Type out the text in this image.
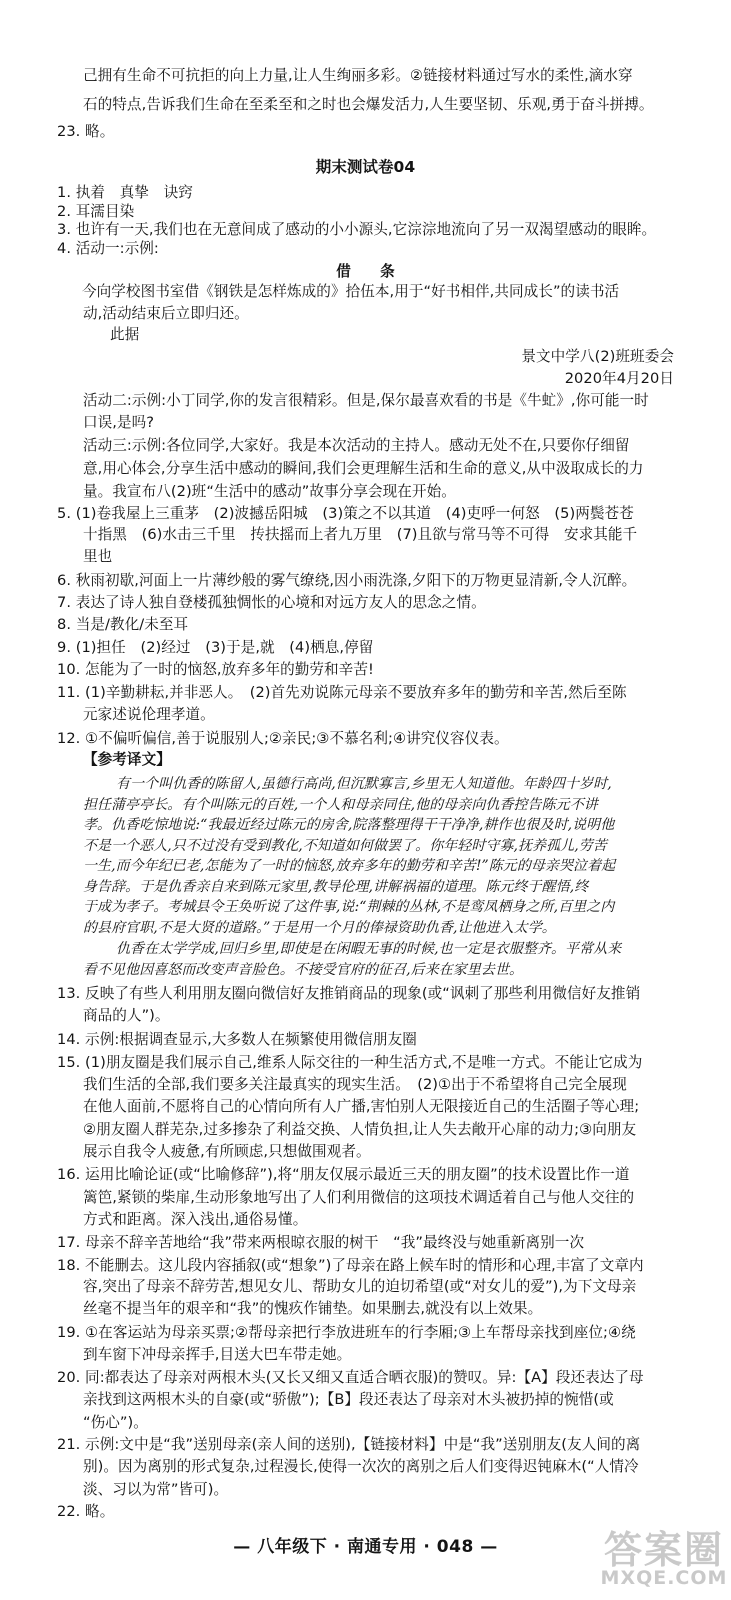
己拥有生命不可抗拒的向上力量,让人生绚丽多彩。②链接材料通过写水的柔性,滴水穿
石的特点,告诉我们生命在至柔至和之时也会爆发活力,人生要坚韧、乐观,勇于奋斗拼搏。
23. 略。
期末测试卷04
1. 执着　真挚　诀窍
2. 耳濡目染
3. 也许有一天,我们也在无意间成了感动的小小源头,它淙淙地流向了另一双渴望感动的眼眸。
4. 活动一:示例:
借　　条
今向学校图书室借《钢铁是怎样炼成的》拾伍本,用于“好书相伴,共同成长”的读书活
动,活动结束后立即归还。
此据
景文中学八(2)班班委会
2020年4月20日
活动二:示例:小丁同学,你的发言很精彩。但是,保尔最喜欢看的书是《牛虻》,你可能一时
口误,是吗?
活动三:示例:各位同学,大家好。我是本次活动的主持人。感动无处不在,只要你仔细留
意,用心体会,分享生活中感动的瞬间,我们会更理解生活和生命的意义,从中汲取成长的力
量。我宣布八(2)班“生活中的感动”故事分享会现在开始。
5. (1)卷我屋上三重茅　(2)波撼岳阳城　(3)策之不以其道　(4)吏呼一何怒　(5)两鬓苍苍
十指黑　(6)水击三千里　抟扶摇而上者九万里　(7)且欲与常马等不可得　安求其能千
里也
6. 秋雨初歇,河面上一片薄纱般的雾气缭绕,因小雨洗涤,夕阳下的万物更显清新,令人沉醉。
7. 表达了诗人独自登楼孤独惆怅的心境和对远方友人的思念之情。
8. 当是/教化/未至耳
9. (1)担任　(2)经过　(3)于是,就　(4)栖息,停留
10. 怎能为了一时的恼怒,放弃多年的勤劳和辛苦!
11. (1)辛勤耕耘,并非恶人。　(2)首先劝说陈元母亲不要放弃多年的勤劳和辛苦,然后至陈
元家述说伦理孝道。
12. ①不偏听偏信,善于说服别人;②亲民;③不慕名利;④讲究仪容仪表。
【参考译文】
有一个叫仇香的陈留人,虽德行高尚,但沉默寡言,乡里无人知道他。年龄四十岁时,
担任蒲亭亭长。有个叫陈元的百姓,一个人和母亲同住,他的母亲向仇香控告陈元不讲
孝。仇香吃惊地说:“我最近经过陈元的房舍,院落整理得干干净净,耕作也很及时,说明他
不是一个恶人,只不过没有受到教化,不知道如何做罢了。你年轻时守寡,抚养孤儿,劳苦
一生,而今年纪已老,怎能为了一时的恼怒,放弃多年的勤劳和辛苦!”陈元的母亲哭泣着起
身告辞。于是仇香亲自来到陈元家里,教导伦理,讲解祸福的道理。陈元终于醒悟,终
于成为孝子。考城县令王奂听说了这件事,说:“荆棘的丛林,不是鸾凤栖身之所,百里之内
的县府官职,不是大贤的道路。”于是用一个月的俸禄资助仇香,让他进入太学。
仇香在太学学成,回归乡里,即使是在闲暇无事的时候,也一定是衣服整齐。平常从来
看不见他因喜怒而改变声音脸色。不接受官府的征召,后来在家里去世。
13. 反映了有些人利用朋友圈向微信好友推销商品的现象(或“讽刺了那些利用微信好友推销
商品的人”)。
14. 示例:根据调查显示,大多数人在频繁使用微信朋友圈
15. (1)朋友圈是我们展示自己,维系人际交往的一种生活方式,不是唯一方式。不能让它成为
我们生活的全部,我们要多关注最真实的现实生活。　(2)①出于不希望将自己完全展现
在他人面前,不愿将自己的心情向所有人广播,害怕别人无限接近自己的生活圈子等心理;
②朋友圈人群芜杂,过多掺杂了利益交换、人情负担,让人失去敞开心扉的动力;③向朋友
展示自我令人疲惫,有所顾虑,只想做围观者。
16. 运用比喻论证(或“比喻修辞”),将“朋友仅展示最近三天的朋友圈”的技术设置比作一道
篱笆,紧锁的柴扉,生动形象地写出了人们利用微信的这项技术调适着自己与他人交往的
方式和距离。深入浅出,通俗易懂。
17. 母亲不辞辛苦地给“我”带来两根晾衣服的树干　“我”最终没与她重新离别一次
18. 不能删去。这儿段内容插叙(或“想象”)了母亲在路上候车时的情形和心理,丰富了文章内
容,突出了母亲不辞劳苦,想见女儿、帮助女儿的迫切希望(或“对女儿的爱”),为下文母亲
丝毫不提当年的艰辛和“我”的愧疚作铺垫。如果删去,就没有以上效果。
19. ①在客运站为母亲买票;②帮母亲把行李放进班车的行李厢;③上车帮母亲找到座位;④绕
到车窗下冲母亲挥手,目送大巴车带走她。
20. 同:都表达了母亲对两根木头(又长又细又直适合晒衣服)的赞叹。异:【A】段还表达了母
亲找到这两根木头的自豪(或“骄傲”);【B】段还表达了母亲对木头被扔掉的惋惜(或
“伤心”)。
21. 示例:文中是“我”送别母亲(亲人间的送别),【链接材料】中是“我”送别朋友(友人间的离
别)。因为离别的形式复杂,过程漫长,使得一次次的离别之后人们变得迟钝麻木(“人情冷
淡、习以为常”皆可)。
22. 略。
— 八年级下 · 南通专用 · 048 —	答案圈
MXQE.COM
